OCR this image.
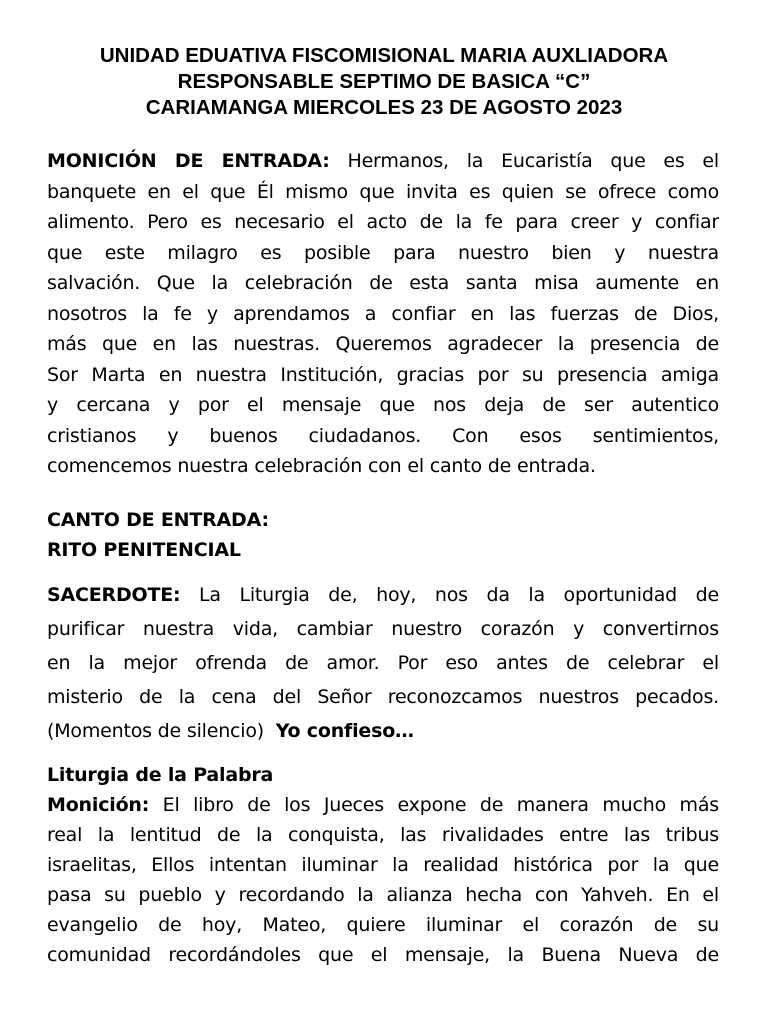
UNIDAD EDUATIVA FISCOMISIONAL MARIA AUXLIADORA
RESPONSABLE SEPTIMO DE BASICA “C”
CARIAMANGA MIERCOLES 23 DE AGOSTO 2023
MONICIÓN DE ENTRADA: Hermanos, la Eucaristía que es el
banquete en el que Él mismo que invita es quien se ofrece como
alimento. Pero es necesario el acto de la fe para creer y confiar
que este milagro es posible para nuestro bien y nuestra
salvación. Que la celebración de esta santa misa aumente en
nosotros la fe y aprendamos a confiar en las fuerzas de Dios,
más que en las nuestras. Queremos agradecer la presencia de
Sor Marta en nuestra Institución, gracias por su presencia amiga
y cercana y por el mensaje que nos deja de ser autentico
cristianos y buenos ciudadanos. Con esos sentimientos,
comencemos nuestra celebración con el canto de entrada.
CANTO DE ENTRADA:
RITO PENITENCIAL
SACERDOTE: La Liturgia de, hoy, nos da la oportunidad de
purificar nuestra vida, cambiar nuestro corazón y convertirnos
en la mejor ofrenda de amor. Por eso antes de celebrar el
misterio de la cena del Señor reconozcamos nuestros pecados.
(Momentos de silencio)  Yo confieso…
Liturgia de la Palabra
Monición: El libro de los Jueces expone de manera mucho más
real la lentitud de la conquista, las rivalidades entre las tribus
israelitas, Ellos intentan iluminar la realidad histórica por la que
pasa su pueblo y recordando la alianza hecha con Yahveh. En el
evangelio de hoy, Mateo, quiere iluminar el corazón de su
comunidad recordándoles que el mensaje, la Buena Nueva de
